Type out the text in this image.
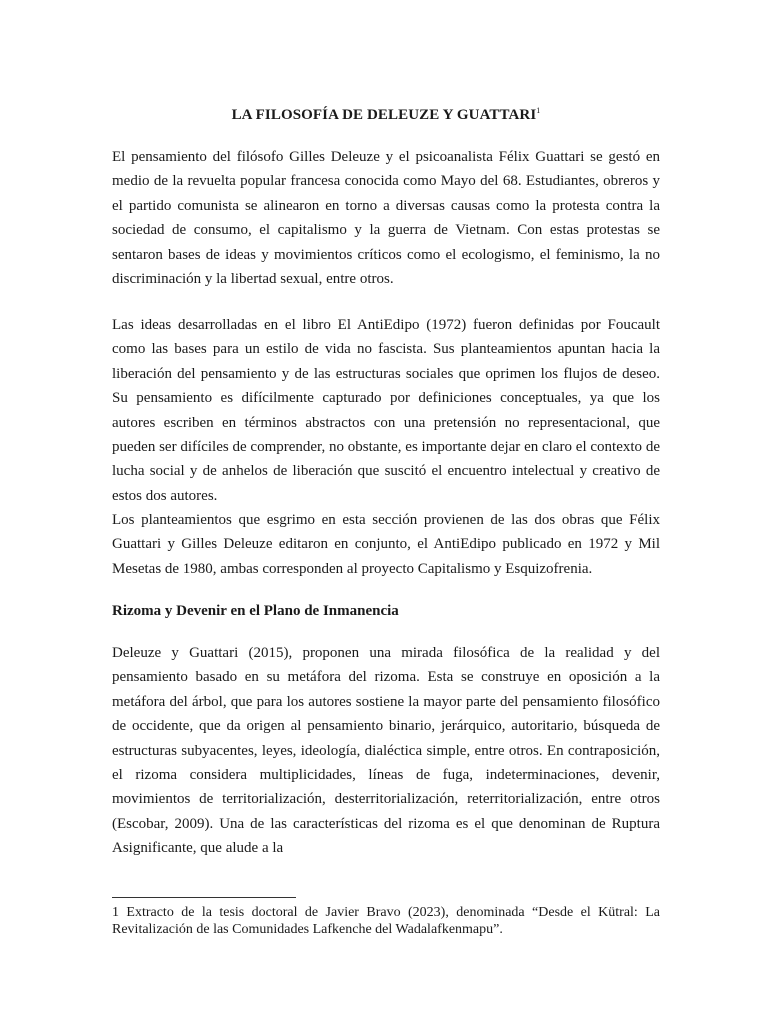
LA FILOSOFÍA DE DELEUZE Y GUATTARI$^1$

El pensamiento del filósofo Gilles Deleuze y el psicoanalista Félix Guattari se gestó en medio de la revuelta popular francesa conocida como Mayo del 68. Estudiantes, obreros y el partido comunista se alinearon en torno a diversas causas como la protesta contra la sociedad de consumo, el capitalismo y la guerra de Vietnam. Con estas protestas se sentaron bases de ideas y movimientos críticos como el ecologismo, el feminismo, la no discriminación y la libertad sexual, entre otros.

Las ideas desarrolladas en el libro El AntiEdipo (1972) fueron definidas por Foucault como las bases para un estilo de vida no fascista. Sus planteamientos apuntan hacia la liberación del pensamiento y de las estructuras sociales que oprimen los flujos de deseo. Su pensamiento es difícilmente capturado por definiciones conceptuales, ya que los autores escriben en términos abstractos con una pretensión no representacional, que pueden ser difíciles de comprender, no obstante, es importante dejar en claro el contexto de lucha social y de anhelos de liberación que suscitó el encuentro intelectual y creativo de estos dos autores.

Los planteamientos que esgrimo en esta sección provienen de las dos obras que Félix Guattari y Gilles Deleuze editaron en conjunto, el AntiEdipo publicado en 1972 y Mil Mesetas de 1980, ambas corresponden al proyecto Capitalismo y Esquizofrenia.

Rizoma y Devenir en el Plano de Inmanencia

Deleuze y Guattari (2015), proponen una mirada filosófica de la realidad y del pensamiento basado en su metáfora del rizoma. Esta se construye en oposición a la metáfora del árbol, que para los autores sostiene la mayor parte del pensamiento filosófico de occidente, que da origen al pensamiento binario, jerárquico, autoritario, búsqueda de estructuras subyacentes, leyes, ideología, dialéctica simple, entre otros. En contraposición, el rizoma considera multiplicidades, líneas de fuga, indeterminaciones, devenir, movimientos de territorialización, desterritorialización, reterritorialización, entre otros (Escobar, 2009). Una de las características del rizoma es el que denominan de Ruptura Asignificante, que alude a la

1 Extracto de la tesis doctoral de Javier Bravo (2023), denominada “Desde el Kütral: La Revitalización de las Comunidades Lafkenche del Wadalafkenmapu”.
